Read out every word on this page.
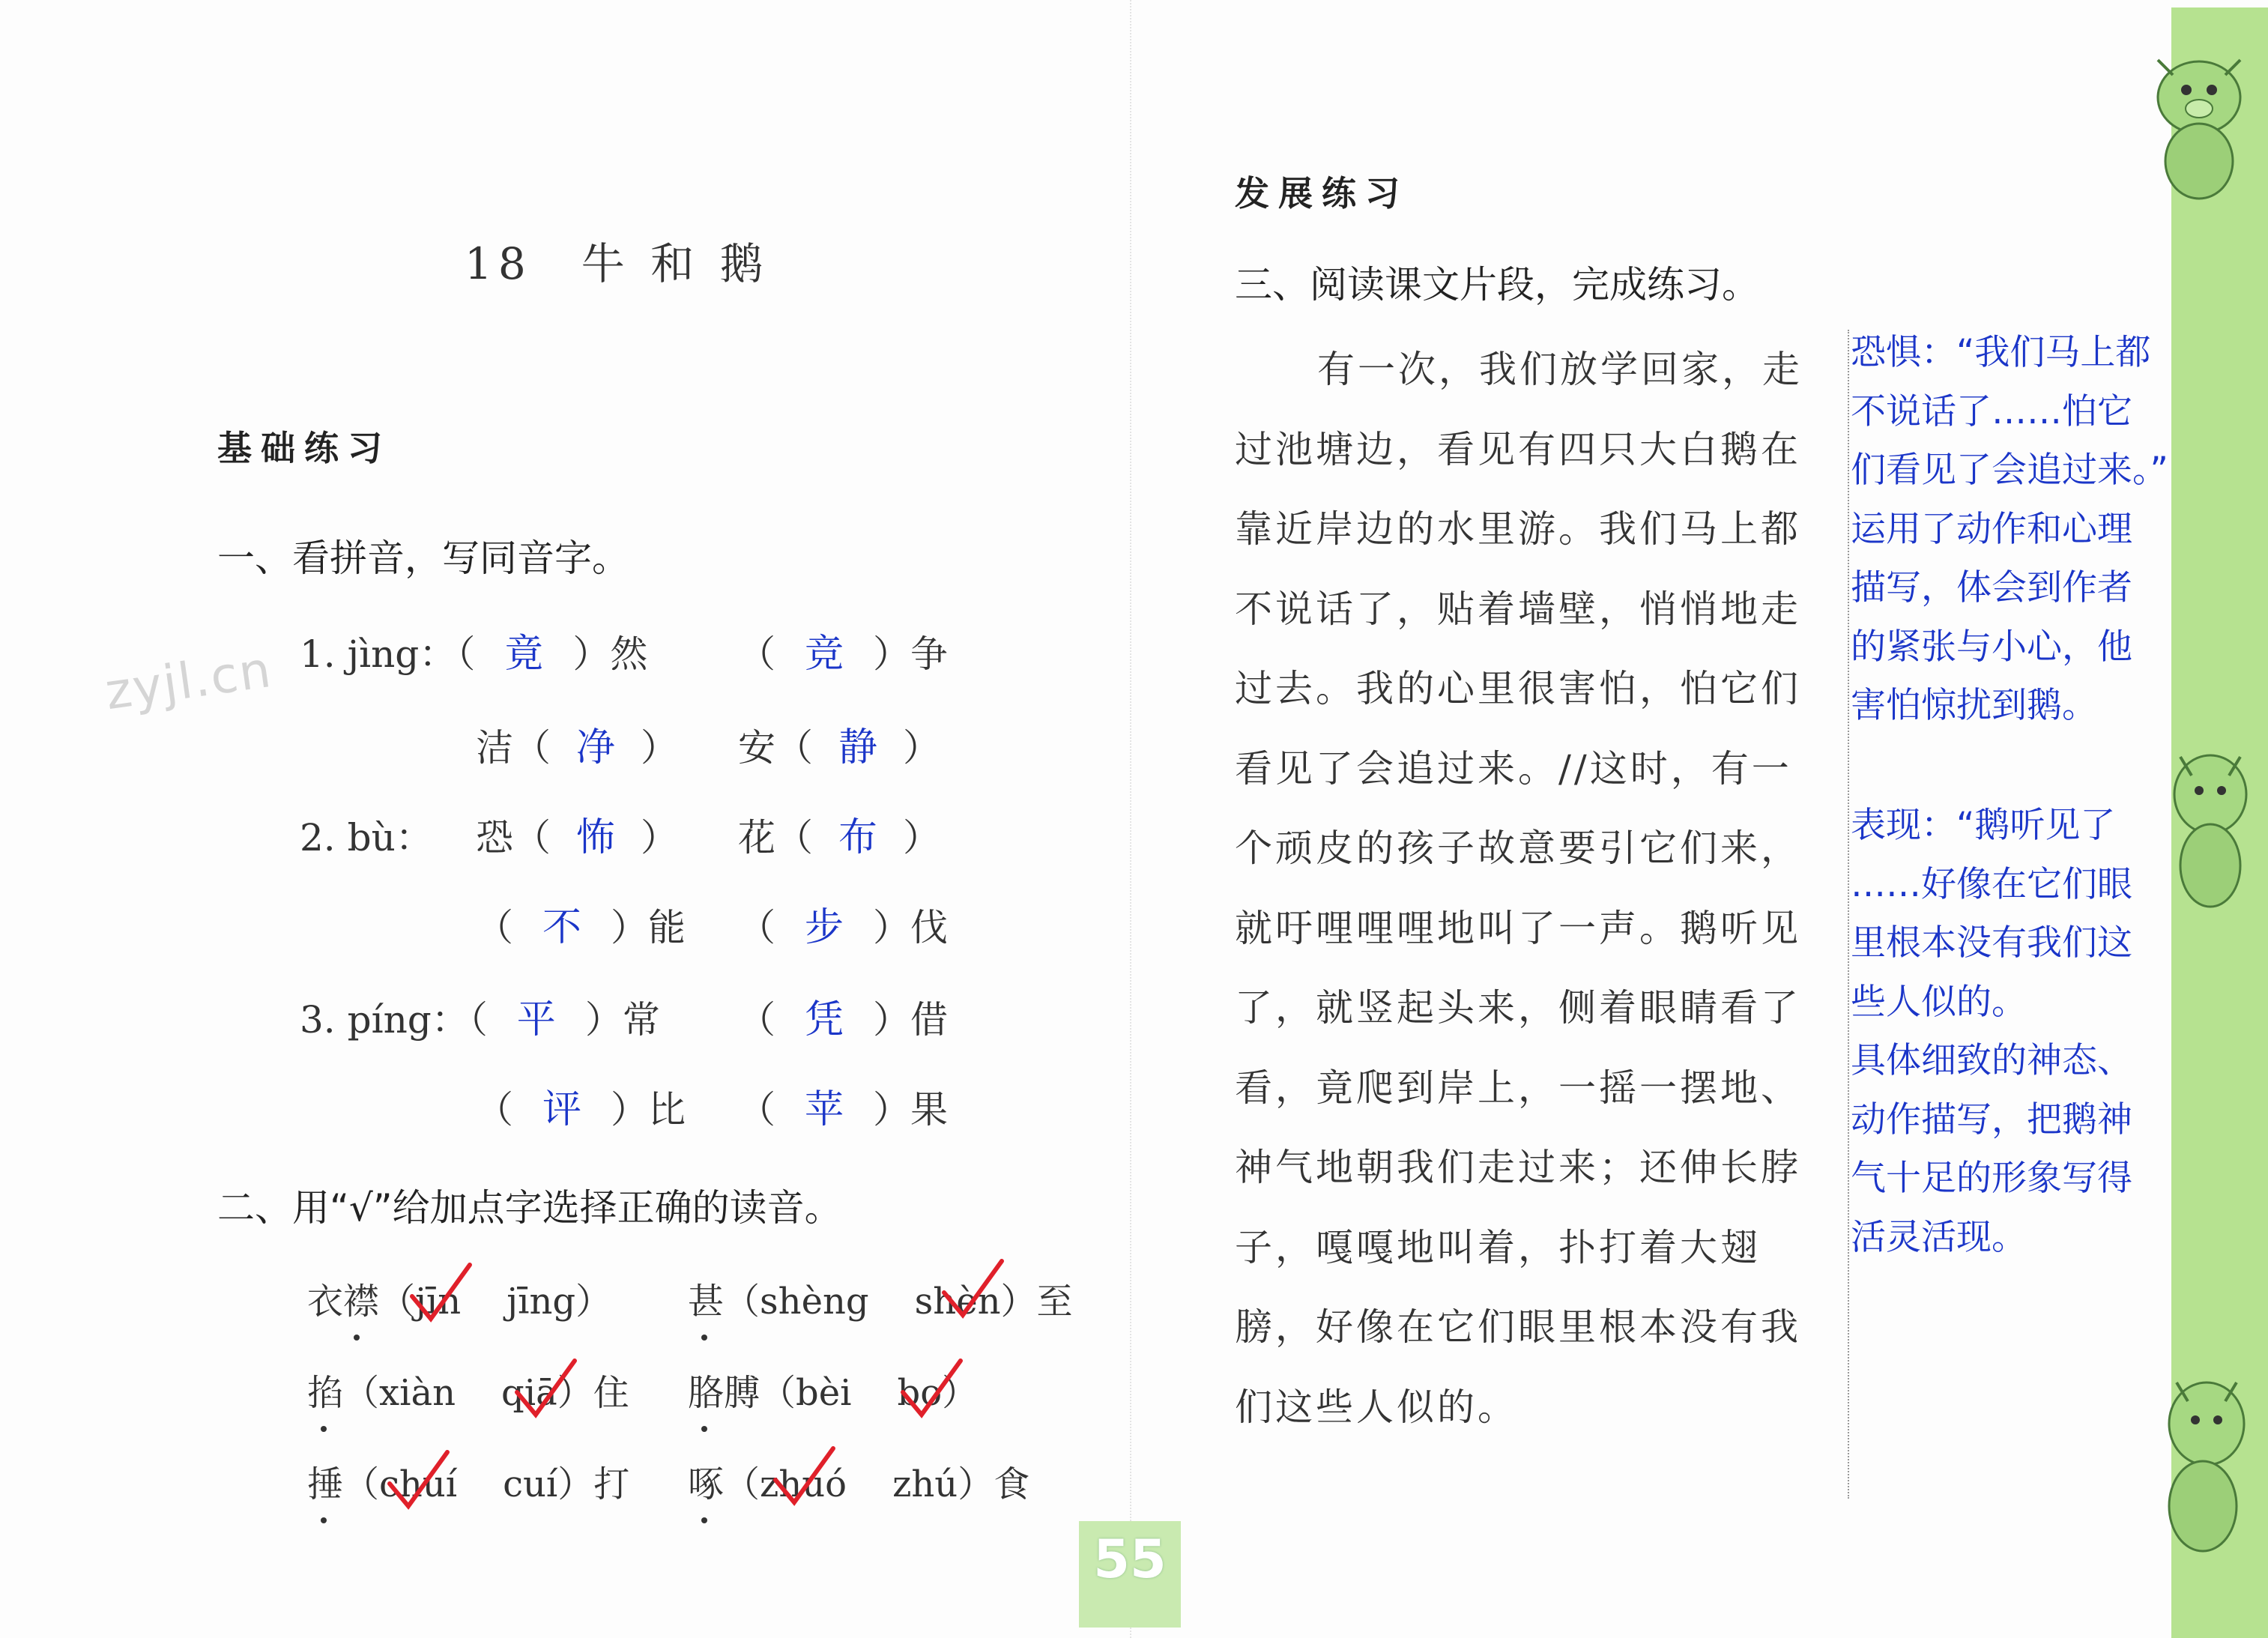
zyjl.cn
18　牛 和 鹅
基础练习
一、看拼音，写同音字。
1. jìng：（ 竟 ）然 （ 竞 ）争
洁（ 净 ） 安（ 静 ）
2. bù： 恐（ 怖 ） 花（ 布 ）
（ 不 ）能 （ 步 ）伐
3. píng：（ 平 ）常 （ 凭 ）借
（ 评 ）比 （ 苹 ）果
二、用“√”给加点字选择正确的读音。
衣襟
（jīn jīng） 甚
（shèng shèn）至
掐
（xiàn qiā）住 胳膊
（bèi bo）
捶
（chuí cuí）打 啄
（zhuó zhú）食
55
发展练习
三、阅读课文片段，完成练习。

有一次，我们放学回家，走过池塘边，看见有四只大白鹅在靠近岸边的水里游。我们马上都不说话了，贴着墙壁，悄悄地走过去。我的心里很害怕，怕它们看见了会追过来。//这时，有一个顽皮的孩子故意要引它们来，就吁哩哩哩地叫了一声。鹅听见了，就竖起头来，侧着眼睛看了看，竟爬到岸上，一摇一摆地、神气地朝我们走过来；还伸长脖子，嘎嘎地叫着，扑打着大翅膀，好像在它们眼里根本没有我们这些人似的。

恐惧：“我们马上都
不说话了……怕它
们看见了会追过来。”
运用了动作和心理
描写，体会到作者
的紧张与小心，他
害怕惊扰到鹅。
表现：“鹅听见了
……好像在它们眼
里根本没有我们这
些人似的。
具体细致的神态、
动作描写，把鹅神
气十足的形象写得
活灵活现。
